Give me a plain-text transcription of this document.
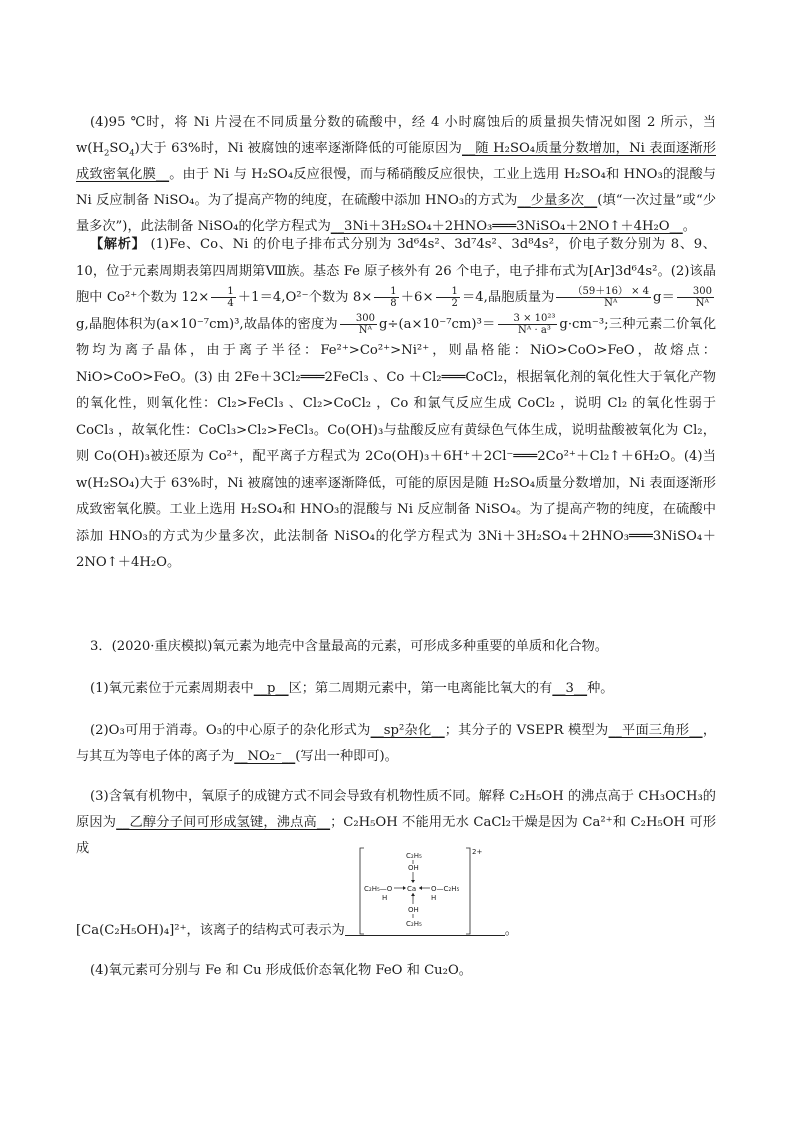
(4)95 ℃时，将 Ni 片浸在不同质量分数的硫酸中，经 4 小时腐蚀后的质量损失情况如图 2 所示，当 $w(H_2SO_4)$大于 63%时，Ni 被腐蚀的速率逐渐降低的可能原因为__随 H₂SO₄质量分数增加，Ni 表面逐渐形成致密氧化膜__。由于 Ni 与 H₂SO₄反应很慢，而与稀硝酸反应很快，工业上选用 H₂SO₄和 HNO₃的混酸与 Ni 反应制备 NiSO₄。为了提高产物的纯度，在硫酸中添加 HNO₃的方式为__少量多次__(填“一次过量”或“少量多次”)，此法制备 NiSO₄的化学方程式为__3Ni＋3H₂SO₄＋2HNO₃═══3NiSO₄＋2NO↑＋4H₂O__。
【解析】 (1)Fe、Co、Ni 的价电子排布式分别为 3d⁶4s²、3d⁷4s²、3d⁸4s²，价电子数分别为 8、9、10，位于元素周期表第四周期第Ⅷ族。基态 Fe 原子核外有 26 个电子，电子排布式为[Ar]3d⁶4s²。(2)该晶胞中 Co²⁺个数为 $12\times \frac{1}{4} +1=4,O^{2-}$个数为 $8\times \frac{1}{8} +6\times \frac{1}{2} =4$,晶胞质量为 $\frac{(59+16) \times 4}{\text{Nᴬ}} g= \frac{300}{\text{Nᴬ}}$
g,晶胞体积为(a×10⁻⁷cm)³,故晶体的密度为 $\frac{300}{\text{Nᴬ}} g\div(a\times 10^{-7}cm)^3= \frac{\text{3 × 10²³}}{\text{Nᴬ · a³}} g\cdot cm^{-3}$;三种元素二价氧化物均为离子晶体，由于离子半径：Fe²⁺>Co²⁺>Ni²⁺，则晶格能：NiO>CoO>FeO，故熔点：NiO>CoO>FeO。(3) 由 2Fe＋3Cl₂═══2FeCl₃ 、Co ＋Cl₂═══CoCl₂，根据氧化剂的氧化性大于氧化产物的氧化性，则氧化性：Cl₂>FeCl₃ 、Cl₂>CoCl₂ ，Co 和氯气反应生成 CoCl₂ ，说明 Cl₂ 的氧化性弱于 CoCl₃ ，故氧化性：CoCl₃>Cl₂>FeCl₃。Co(OH)₃与盐酸反应有黄绿色气体生成，说明盐酸被氧化为 Cl₂，则 Co(OH)₃被还原为 Co²⁺，配平离子方程式为 2Co(OH)₃＋6H⁺＋2Cl⁻═══2Co²⁺＋Cl₂↑＋6H₂O。(4)当 w(H₂SO₄)大于 63%时，Ni 被腐蚀的速率逐渐降低，可能的原因是随 H₂SO₄质量分数增加，Ni 表面逐渐形成致密氧化膜。工业上选用 H₂SO₄和 HNO₃的混酸与 Ni 反应制备 NiSO₄。为了提高产物的纯度，在硫酸中添加 HNO₃的方式为少量多次，此法制备 NiSO₄的化学方程式为 3Ni＋3H₂SO₄＋2HNO₃═══3NiSO₄＋2NO↑＋4H₂O。
3．(2020·重庆模拟)氧元素为地壳中含量最高的元素，可形成多种重要的单质和化合物。
(1)氧元素位于元素周期表中__p__区；第二周期元素中，第一电离能比氧大的有__3__种。
(2)O₃可用于消毒。O₃的中心原子的杂化形式为__sp²杂化__；其分子的 VSEPR 模型为__平面三角形__，与其互为等电子体的离子为__NO₂⁻__(写出一种即可)。
(3)含氧有机物中，氧原子的成键方式不同会导致有机物性质不同。解释 C₂H₅OH 的沸点高于 CH₃OCH₃的原因为__乙醇分子间可形成氢键，沸点高__；C₂H₅OH 不能用无水 CaCl₂干燥是因为 Ca²⁺和 C₂H₅OH 可形成	2+
C₂H₅
OH
C₂H₅—O
H
Ca O—C₂H₅
H
OH
C₂H₅
[Ca(C₂H₅OH)₄]²⁺，该离子的结构式可表示为	。
(4)氧元素可分别与 Fe 和 Cu 形成低价态氧化物 FeO 和 Cu₂O。
